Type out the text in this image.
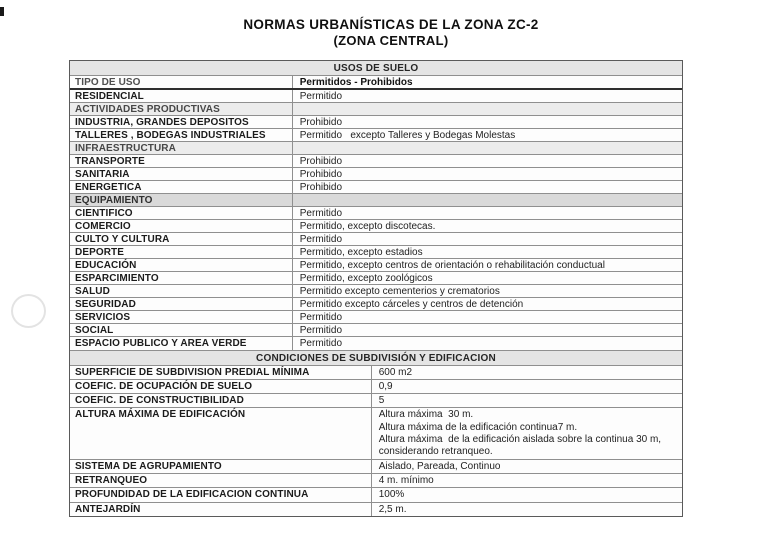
NORMAS URBANÍSTICAS DE LA ZONA ZC-2
(ZONA CENTRAL)
USOS DE SUELO
TIPO DE USO	Permitidos - Prohibidos
RESIDENCIAL	Permitido
ACTIVIDADES PRODUCTIVAS
INDUSTRIA, GRANDES DEPOSITOS	Prohibido
TALLERES , BODEGAS INDUSTRIALES	Permitido   excepto Talleres y Bodegas Molestas
INFRAESTRUCTURA
TRANSPORTE	Prohibido
SANITARIA	Prohibido
ENERGETICA	Prohibido
EQUIPAMIENTO
CIENTIFICO	Permitido
COMERCIO	Permitido, excepto discotecas.
CULTO Y CULTURA	Permitido
DEPORTE	Permitido, excepto estadios
EDUCACIÓN	Permitido, excepto centros de orientación o rehabilitación conductual
ESPARCIMIENTO	Permitido, excepto zoológicos
SALUD	Permitido excepto cementerios y crematorios
SEGURIDAD	Permitido excepto cárceles y centros de detención
SERVICIOS	Permitido
SOCIAL	Permitido
ESPACIO PUBLICO Y AREA VERDE	Permitido
CONDICIONES DE SUBDIVISIÓN Y EDIFICACION
SUPERFICIE DE SUBDIVISION PREDIAL MÍNIMA	600 m2
COEFIC. DE OCUPACIÓN DE SUELO	0,9
COEFIC. DE CONSTRUCTIBILIDAD	5
ALTURA MÁXIMA DE EDIFICACIÓN	Altura máxima  30 m.
Altura máxima de la edificación continua7 m.
Altura máxima  de la edificación aislada sobre la continua 30 m,
considerando retranqueo.
SISTEMA DE AGRUPAMIENTO	Aislado, Pareada, Continuo
RETRANQUEO	4 m. mínimo
PROFUNDIDAD DE LA EDIFICACION CONTINUA	100%
ANTEJARDÍN	2,5 m.
